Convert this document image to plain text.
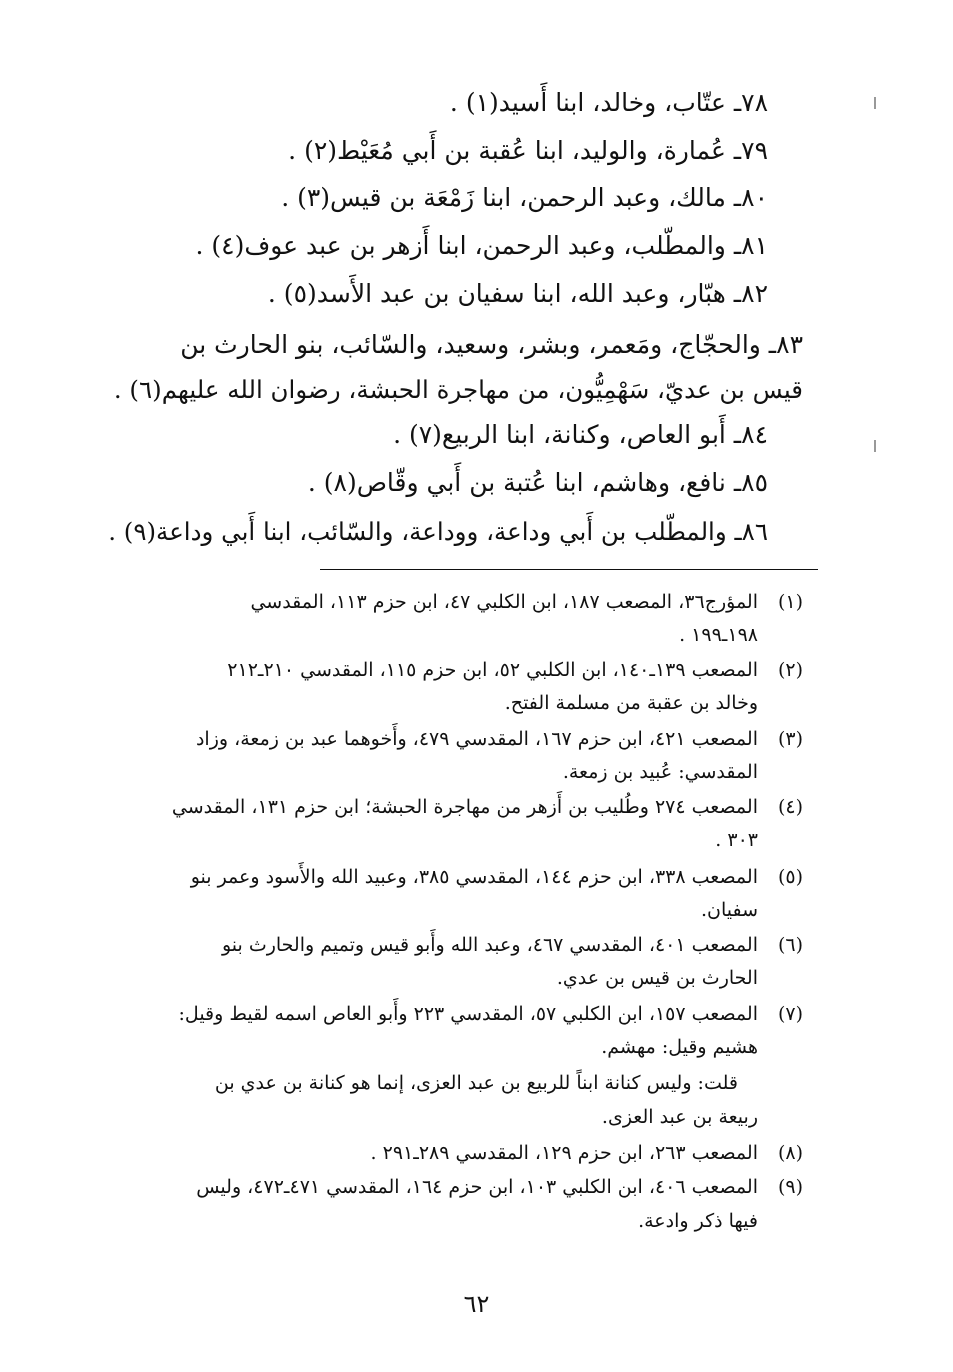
٧٨ـ عتّاب، وخالد، ابنا أَسيد(١) .
٧٩ـ عُمارة، والوليد، ابنا عُقبة بن أَبي مُعَيْط(٢) .
٨٠ـ مالك، وعبد الرحمن، ابنا زَمْعَة بن قيس(٣) .
٨١ـ والمطّلب، وعبد الرحمن، ابنا أَزهر بن عبد عوف(٤) .
٨٢ـ هبّار، وعبد الله، ابنا سفيان بن عبد الأَسد(٥) .
٨٣ـ والحجّاج، ومَعمر، وبشر، وسعيد، والسّائب، بنو الحارث بن
قيس بن عديّ، سَهْمِيُّون، من مهاجرة الحبشة، رضوان الله عليهم(٦) .
٨٤ـ أَبو العاص، وكنانة، ابنا الربيع(٧) .
٨٥ـ نافع، وهاشم، ابنا عُتبة بن أَبي وقّاص(٨) .
٨٦ـ والمطّلب بن أَبي وداعة، ووداعة، والسّائب، ابنا أَبي وداعة(٩) .
(١)
المؤرج٣٦، المصعب ١٨٧، ابن الكلبي ٤٧، ابن حزم ١١٣، المقدسي
١٩٨ـ١٩٩ .
(٢)
المصعب ١٣٩ـ١٤٠، ابن الكلبي ٥٢، ابن حزم ١١٥، المقدسي ٢١٠ـ٢١٢
وخالد بن عقبة من مسلمة الفتح.
(٣)
المصعب ٤٢١، ابن حزم ١٦٧، المقدسي ٤٧٩، وأَخوهما عبد بن زمعة، وزاد
المقدسي: عُبيد بن زمعة.
(٤)
المصعب ٢٧٤ وطُليب بن أَزهر من مهاجرة الحبشة؛ ابن حزم ١٣١، المقدسي
٣٠٣ .
(٥)
المصعب ٣٣٨، ابن حزم ١٤٤، المقدسي ٣٨٥، وعبيد الله والأَسود وعمر بنو
سفيان.
(٦)
المصعب ٤٠١، المقدسي ٤٦٧، وعبد الله وأَبو قيس وتميم والحارث بنو
الحارث بن قيس بن عدي.
(٧)
المصعب ١٥٧، ابن الكلبي ٥٧، المقدسي ٢٢٣ وأَبو العاص اسمه لقيط وقيل:
هشيم وقيل: مهشم.
قلت: وليس كنانة ابناً للربيع بن عبد العزى، إنما هو كنانة بن عدي بن
ربيعة بن عبد العزى.
(٨)
المصعب ٢٦٣، ابن حزم ١٢٩، المقدسي ٢٨٩ـ٢٩١ .
(٩)
المصعب ٤٠٦، ابن الكلبي ١٠٣، ابن حزم ١٦٤، المقدسي ٤٧١ـ٤٧٢، وليس
فيها ذكر وادعة.
٦٢
